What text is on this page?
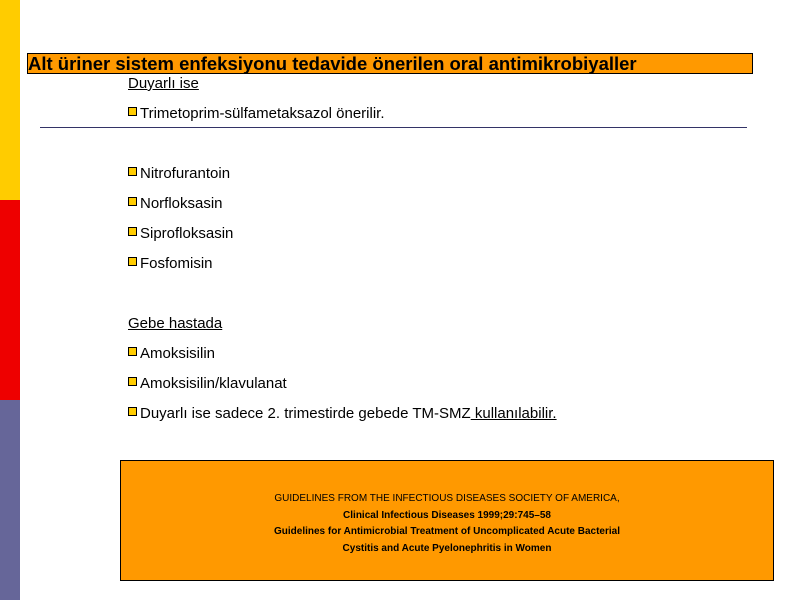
Alt üriner sistem enfeksiyonu tedavide önerilen oral antimikrobiyaller
Duyarlı ise
Trimetoprim-sülfametaksazol önerilir.
Nitrofurantoin
Norfloksasin
Siprofloksasin
Fosfomisin
Gebe hastada
Amoksisilin
Amoksisilin/klavulanat
Duyarlı ise sadece 2. trimestirde gebede TM-SMZ kullanılabilir.
GUIDELINES FROM THE INFECTIOUS DISEASES SOCIETY OF AMERICA,
Clinical Infectious Diseases 1999;29:745–58
Guidelines for Antimicrobial Treatment of Uncomplicated Acute Bacterial
Cystitis and Acute Pyelonephritis in Women
